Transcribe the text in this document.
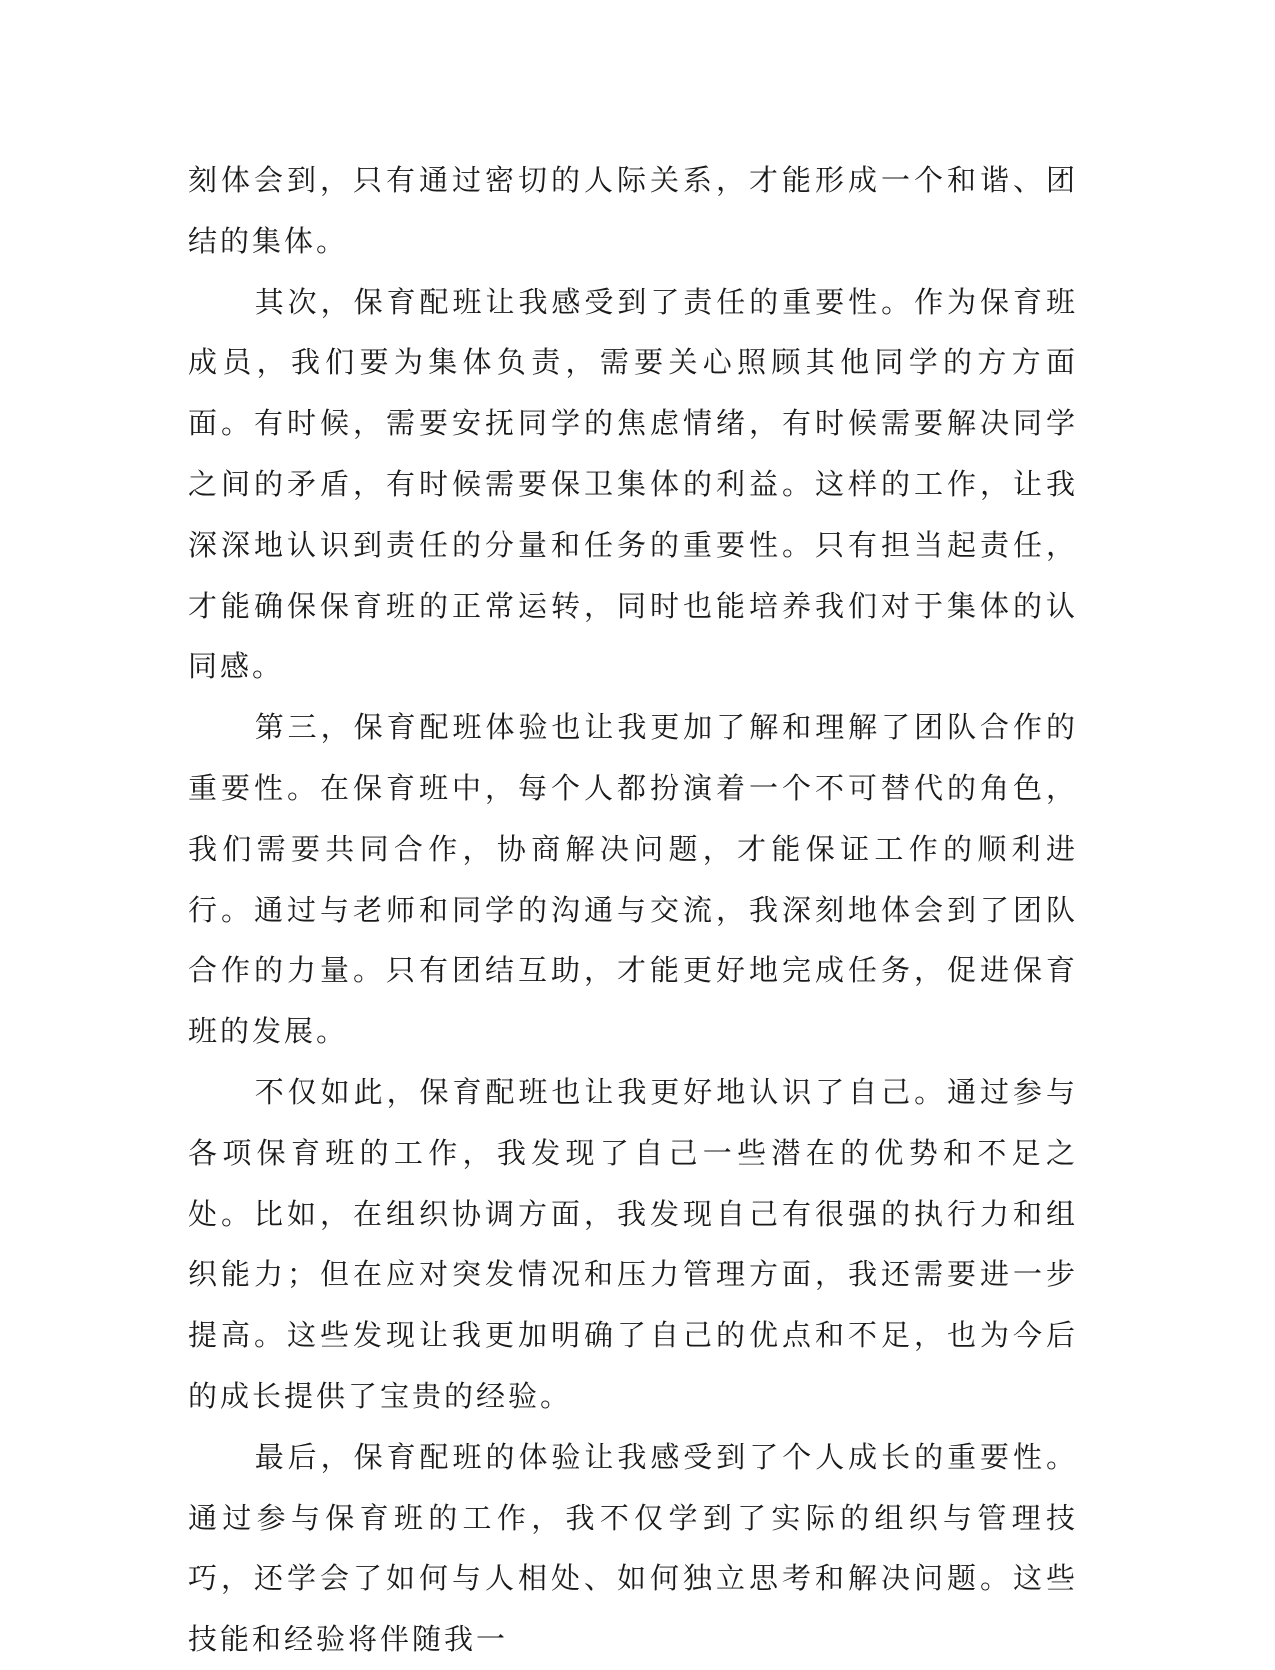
刻体会到，只有通过密切的人际关系，才能形成一个和谐、团结的集体。

其次，保育配班让我感受到了责任的重要性。作为保育班成员，我们要为集体负责，需要关心照顾其他同学的方方面面。有时候，需要安抚同学的焦虑情绪，有时候需要解决同学之间的矛盾，有时候需要保卫集体的利益。这样的工作，让我深深地认识到责任的分量和任务的重要性。只有担当起责任，才能确保保育班的正常运转，同时也能培养我们对于集体的认同感。

第三，保育配班体验也让我更加了解和理解了团队合作的重要性。在保育班中，每个人都扮演着一个不可替代的角色，我们需要共同合作，协商解决问题，才能保证工作的顺利进行。通过与老师和同学的沟通与交流，我深刻地体会到了团队合作的力量。只有团结互助，才能更好地完成任务，促进保育班的发展。

不仅如此，保育配班也让我更好地认识了自己。通过参与各项保育班的工作，我发现了自己一些潜在的优势和不足之处。比如，在组织协调方面，我发现自己有很强的执行力和组织能力；但在应对突发情况和压力管理方面，我还需要进一步提高。这些发现让我更加明确了自己的优点和不足，也为今后的成长提供了宝贵的经验。

最后，保育配班的体验让我感受到了个人成长的重要性。通过参与保育班的工作，我不仅学到了实际的组织与管理技巧，还学会了如何与人相处、如何独立思考和解决问题。这些技能和经验将伴随我一
